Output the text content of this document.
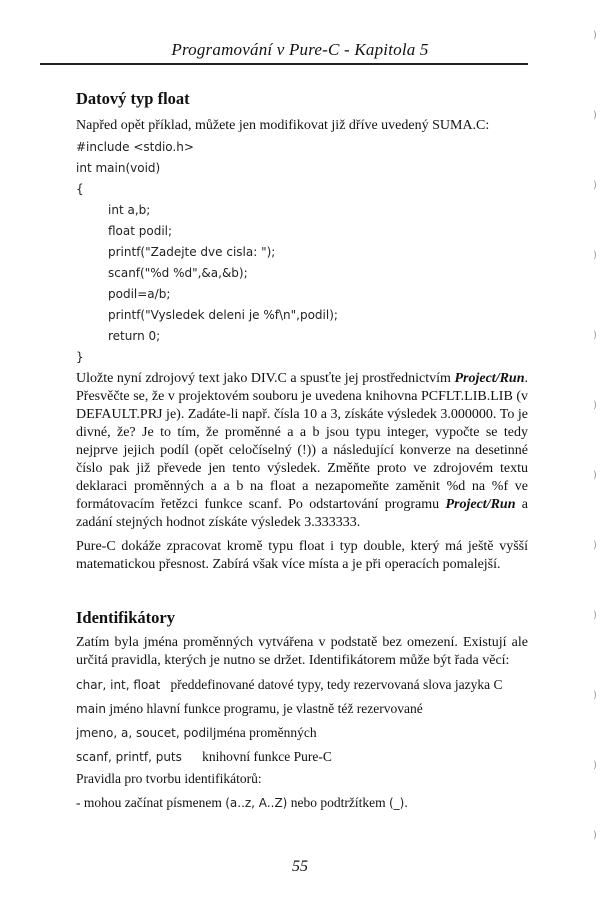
Programování v Pure-C - Kapitola 5
Datový typ float

Napřed opět příklad, můžete jen modifikovat již dříve uvedený SUMA.C:

#include <stdio.h>
int main(void)
{
int a,b;
float podil;
printf("Zadejte dve cisla: ");
scanf("%d %d",&a,&b);
podil=a/b;
printf("Vysledek deleni je %f\n",podil);
return 0;
}

Uložte nyní zdrojový text jako DIV.C a spusťte jej prostřednictvím Project/Run. Přesvěčte se, že v projektovém souboru je uvedena knihovna PCFLT.LIB.LIB (v DEFAULT.PRJ je). Zadáte-li např. čísla 10 a 3, získáte výsledek 3.000000. To je divné, že? Je to tím, že proměnné a a b jsou typu integer, vypočte se tedy nejprve jejich podíl (opět celočíselný (!)) a následující konverze na desetinné číslo pak již převede jen tento výsledek. Změňte proto ve zdrojovém textu deklaraci proměnných a a b na float a nezapomeňte zaměnit %d na %f ve formátovacím řetězci funkce scanf. Po odstartování programu Project/Run a zadání stejných hodnot získáte výsledek 3.333333.

Pure-C dokáže zpracovat kromě typu float i typ double, který má ještě vyšší matematickou přesnost. Zabírá však více místa a je při operacích pomalejší.

Identifikátory

Zatím byla jména proměnných vytvářena v podstatě bez omezení. Existují ale určitá pravidla, kterých je nutno se držet. Identifikátorem může být řada věcí:

char, int, float   předdefinované datové typy, tedy rezervovaná slova jazyka C
main jméno hlavní funkce programu, je vlastně též rezervované
jmeno, a, soucet, podiljména proměnných
scanf, printf, puts      knihovní funkce Pure-C
Pravidla pro tvorbu identifikátorů:
- mohou začínat písmenem (a..z, A..Z) nebo podtržítkem (_).
55
)
)
)
)
)
)
)
)
)
)
)
)
